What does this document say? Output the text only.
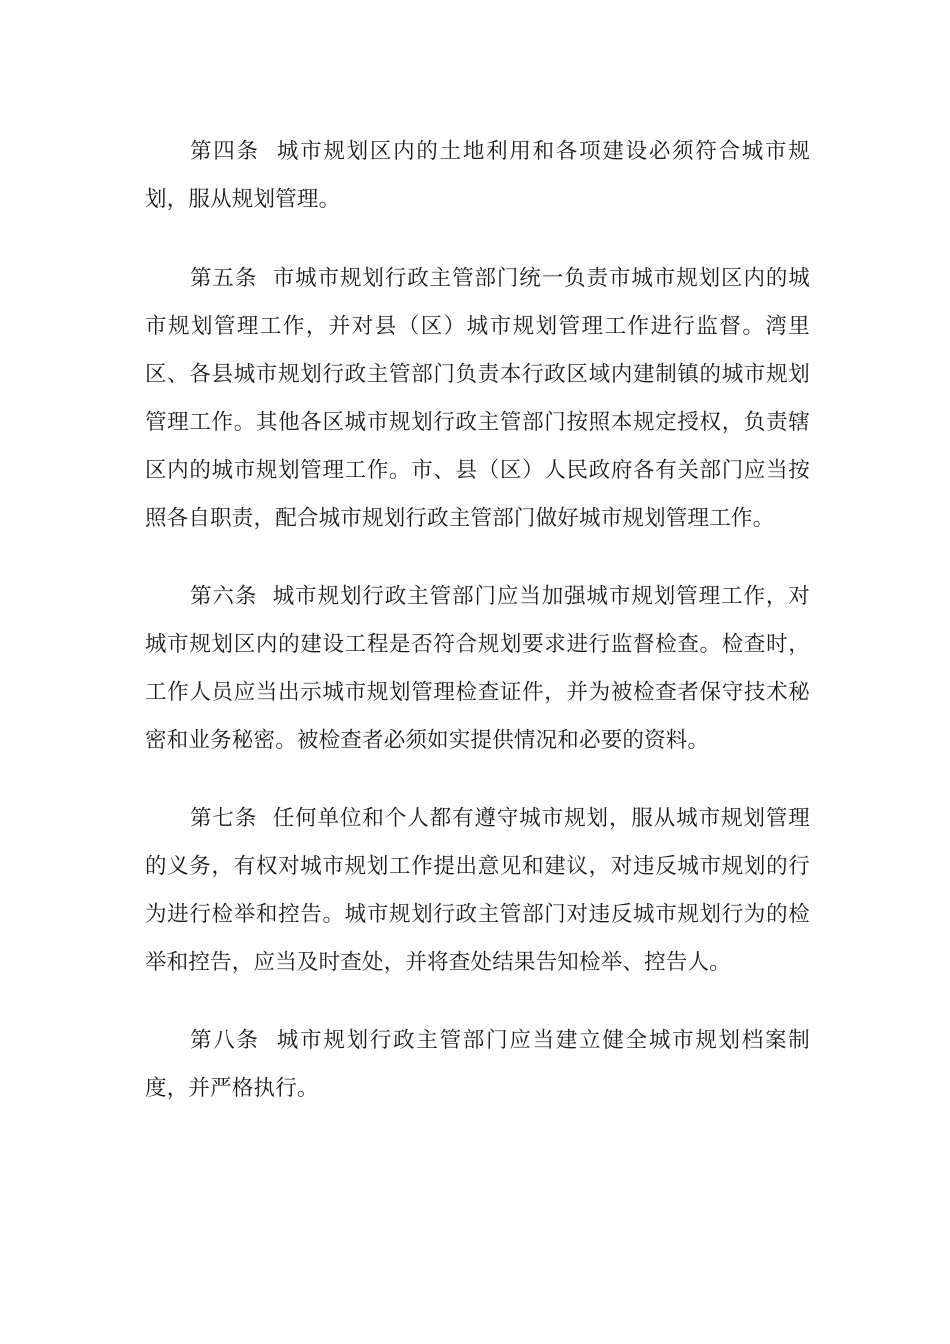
第四条 城市规划区内的土地利用和各项建设必须符合城市规划，服从规划管理。

第五条 市城市规划行政主管部门统一负责市城市规划区内的城市规划管理工作，并对县（区）城市规划管理工作进行监督。湾里区、各县城市规划行政主管部门负责本行政区域内建制镇的城市规划管理工作。其他各区城市规划行政主管部门按照本规定授权，负责辖区内的城市规划管理工作。市、县（区）人民政府各有关部门应当按照各自职责，配合城市规划行政主管部门做好城市规划管理工作。

第六条 城市规划行政主管部门应当加强城市规划管理工作，对城市规划区内的建设工程是否符合规划要求进行监督检查。检查时，工作人员应当出示城市规划管理检查证件，并为被检查者保守技术秘密和业务秘密。被检查者必须如实提供情况和必要的资料。

第七条 任何单位和个人都有遵守城市规划，服从城市规划管理的义务，有权对城市规划工作提出意见和建议，对违反城市规划的行为进行检举和控告。城市规划行政主管部门对违反城市规划行为的检举和控告，应当及时查处，并将查处结果告知检举、控告人。

第八条 城市规划行政主管部门应当建立健全城市规划档案制度，并严格执行。
